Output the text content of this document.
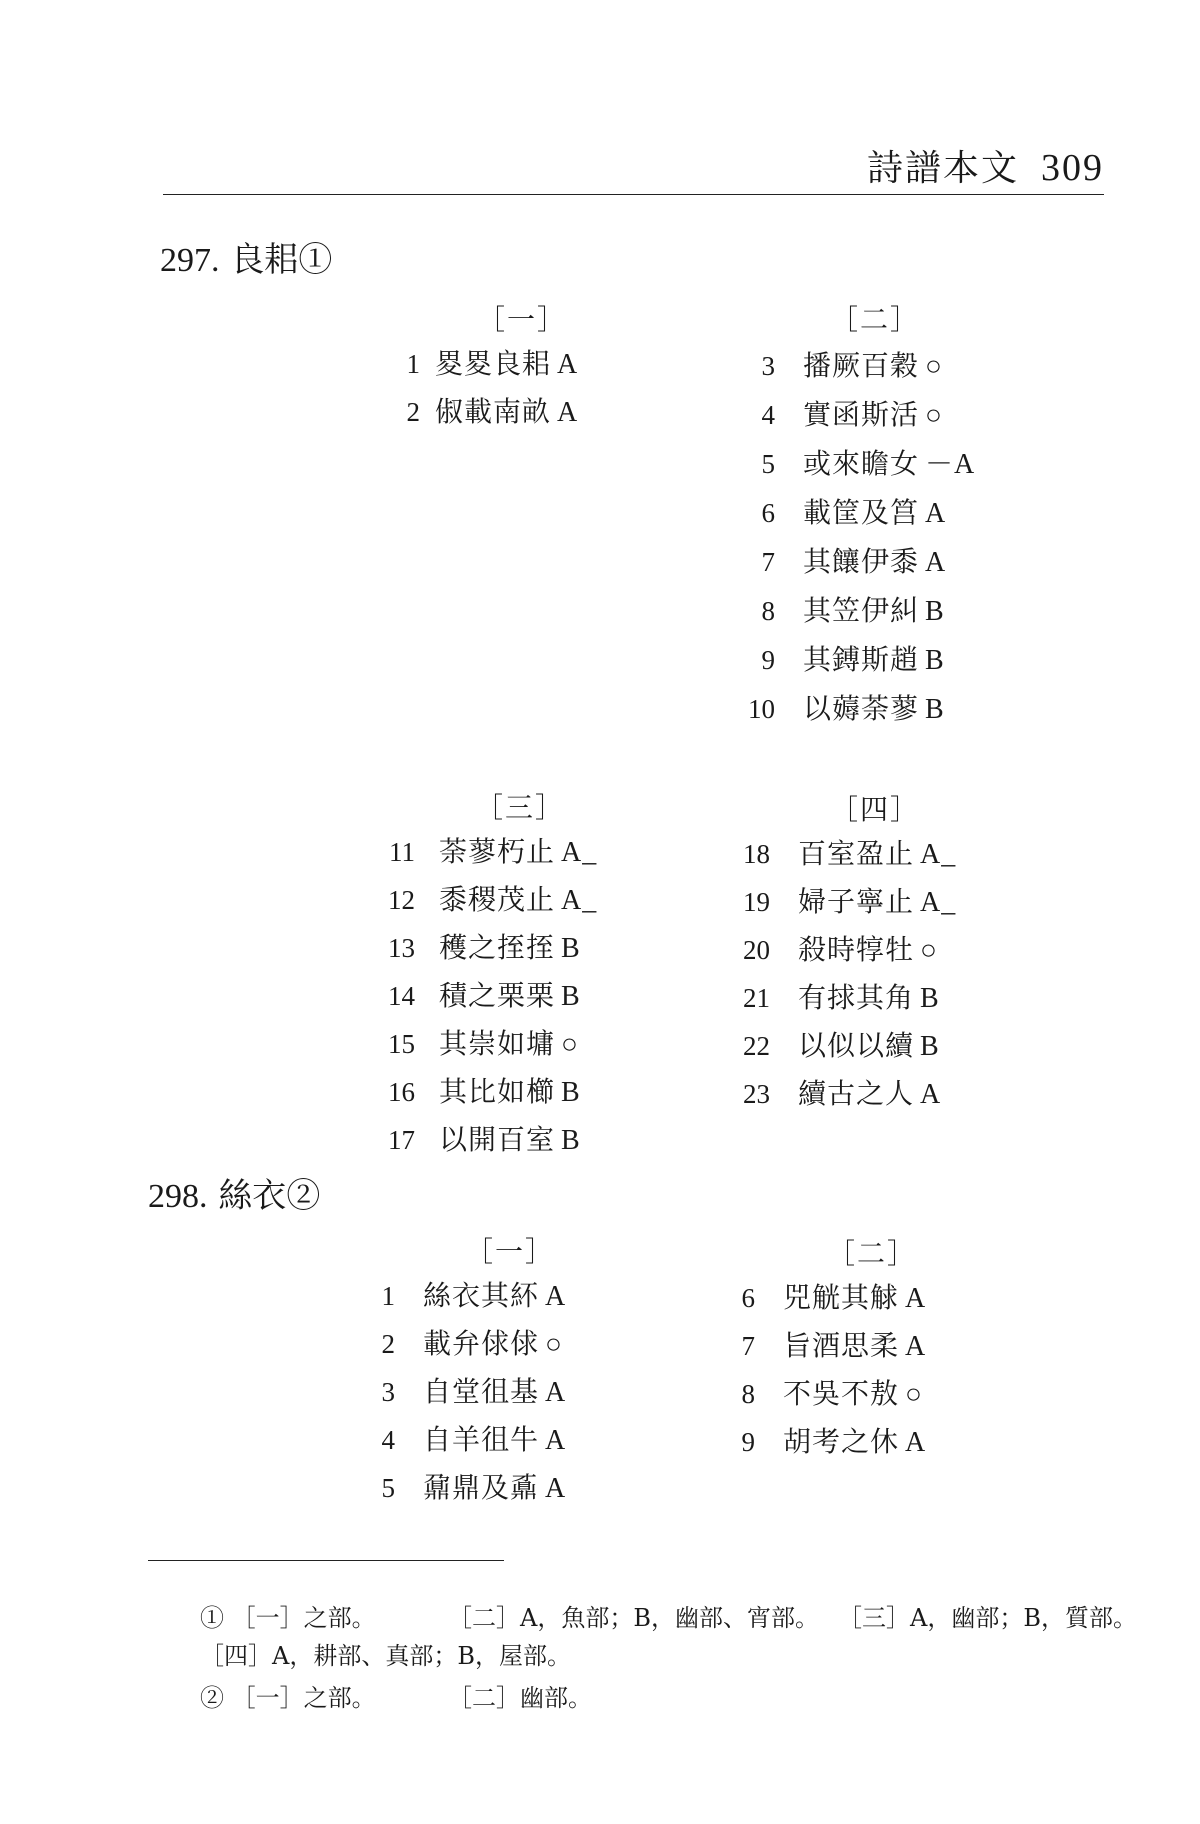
詩譜本文 309
297. 良耜①
［一］
1 畟畟良耜 A
2 俶載南畝 A
［二］
3 播厥百穀 ○
4 實函斯活 ○
5 或來瞻女 －A
6 載筐及筥 A
7 其饟伊黍 A
8 其笠伊糾 B
9 其鎛斯趙 B
10 以薅荼蓼 B
［三］
11 荼蓼朽止 A_
12 黍稷茂止 A_
13 穫之挃挃 B
14 積之栗栗 B
15 其崇如墉 ○
16 其比如櫛 B
17 以開百室 B
［四］
18 百室盈止 A_
19 婦子寧止 A_
20 殺時犉牡 ○
21 有捄其角 B
22 以似以續 B
23 續古之人 A
298. 絲衣②
［一］
1 絲衣其紑 A
2 載弁俅俅 ○
3 自堂徂基 A
4 自羊徂牛 A
5 鼐鼎及鼒 A
［二］
6 兕觥其觩 A
7 旨酒思柔 A
8 不吳不敖 ○
9 胡考之休 A
① ［一］之部。	［二］A，魚部；B，幽部、宵部。 ［三］A，幽部；B，質部。
［四］A，耕部、真部；B，屋部。
② ［一］之部。	［二］幽部。
